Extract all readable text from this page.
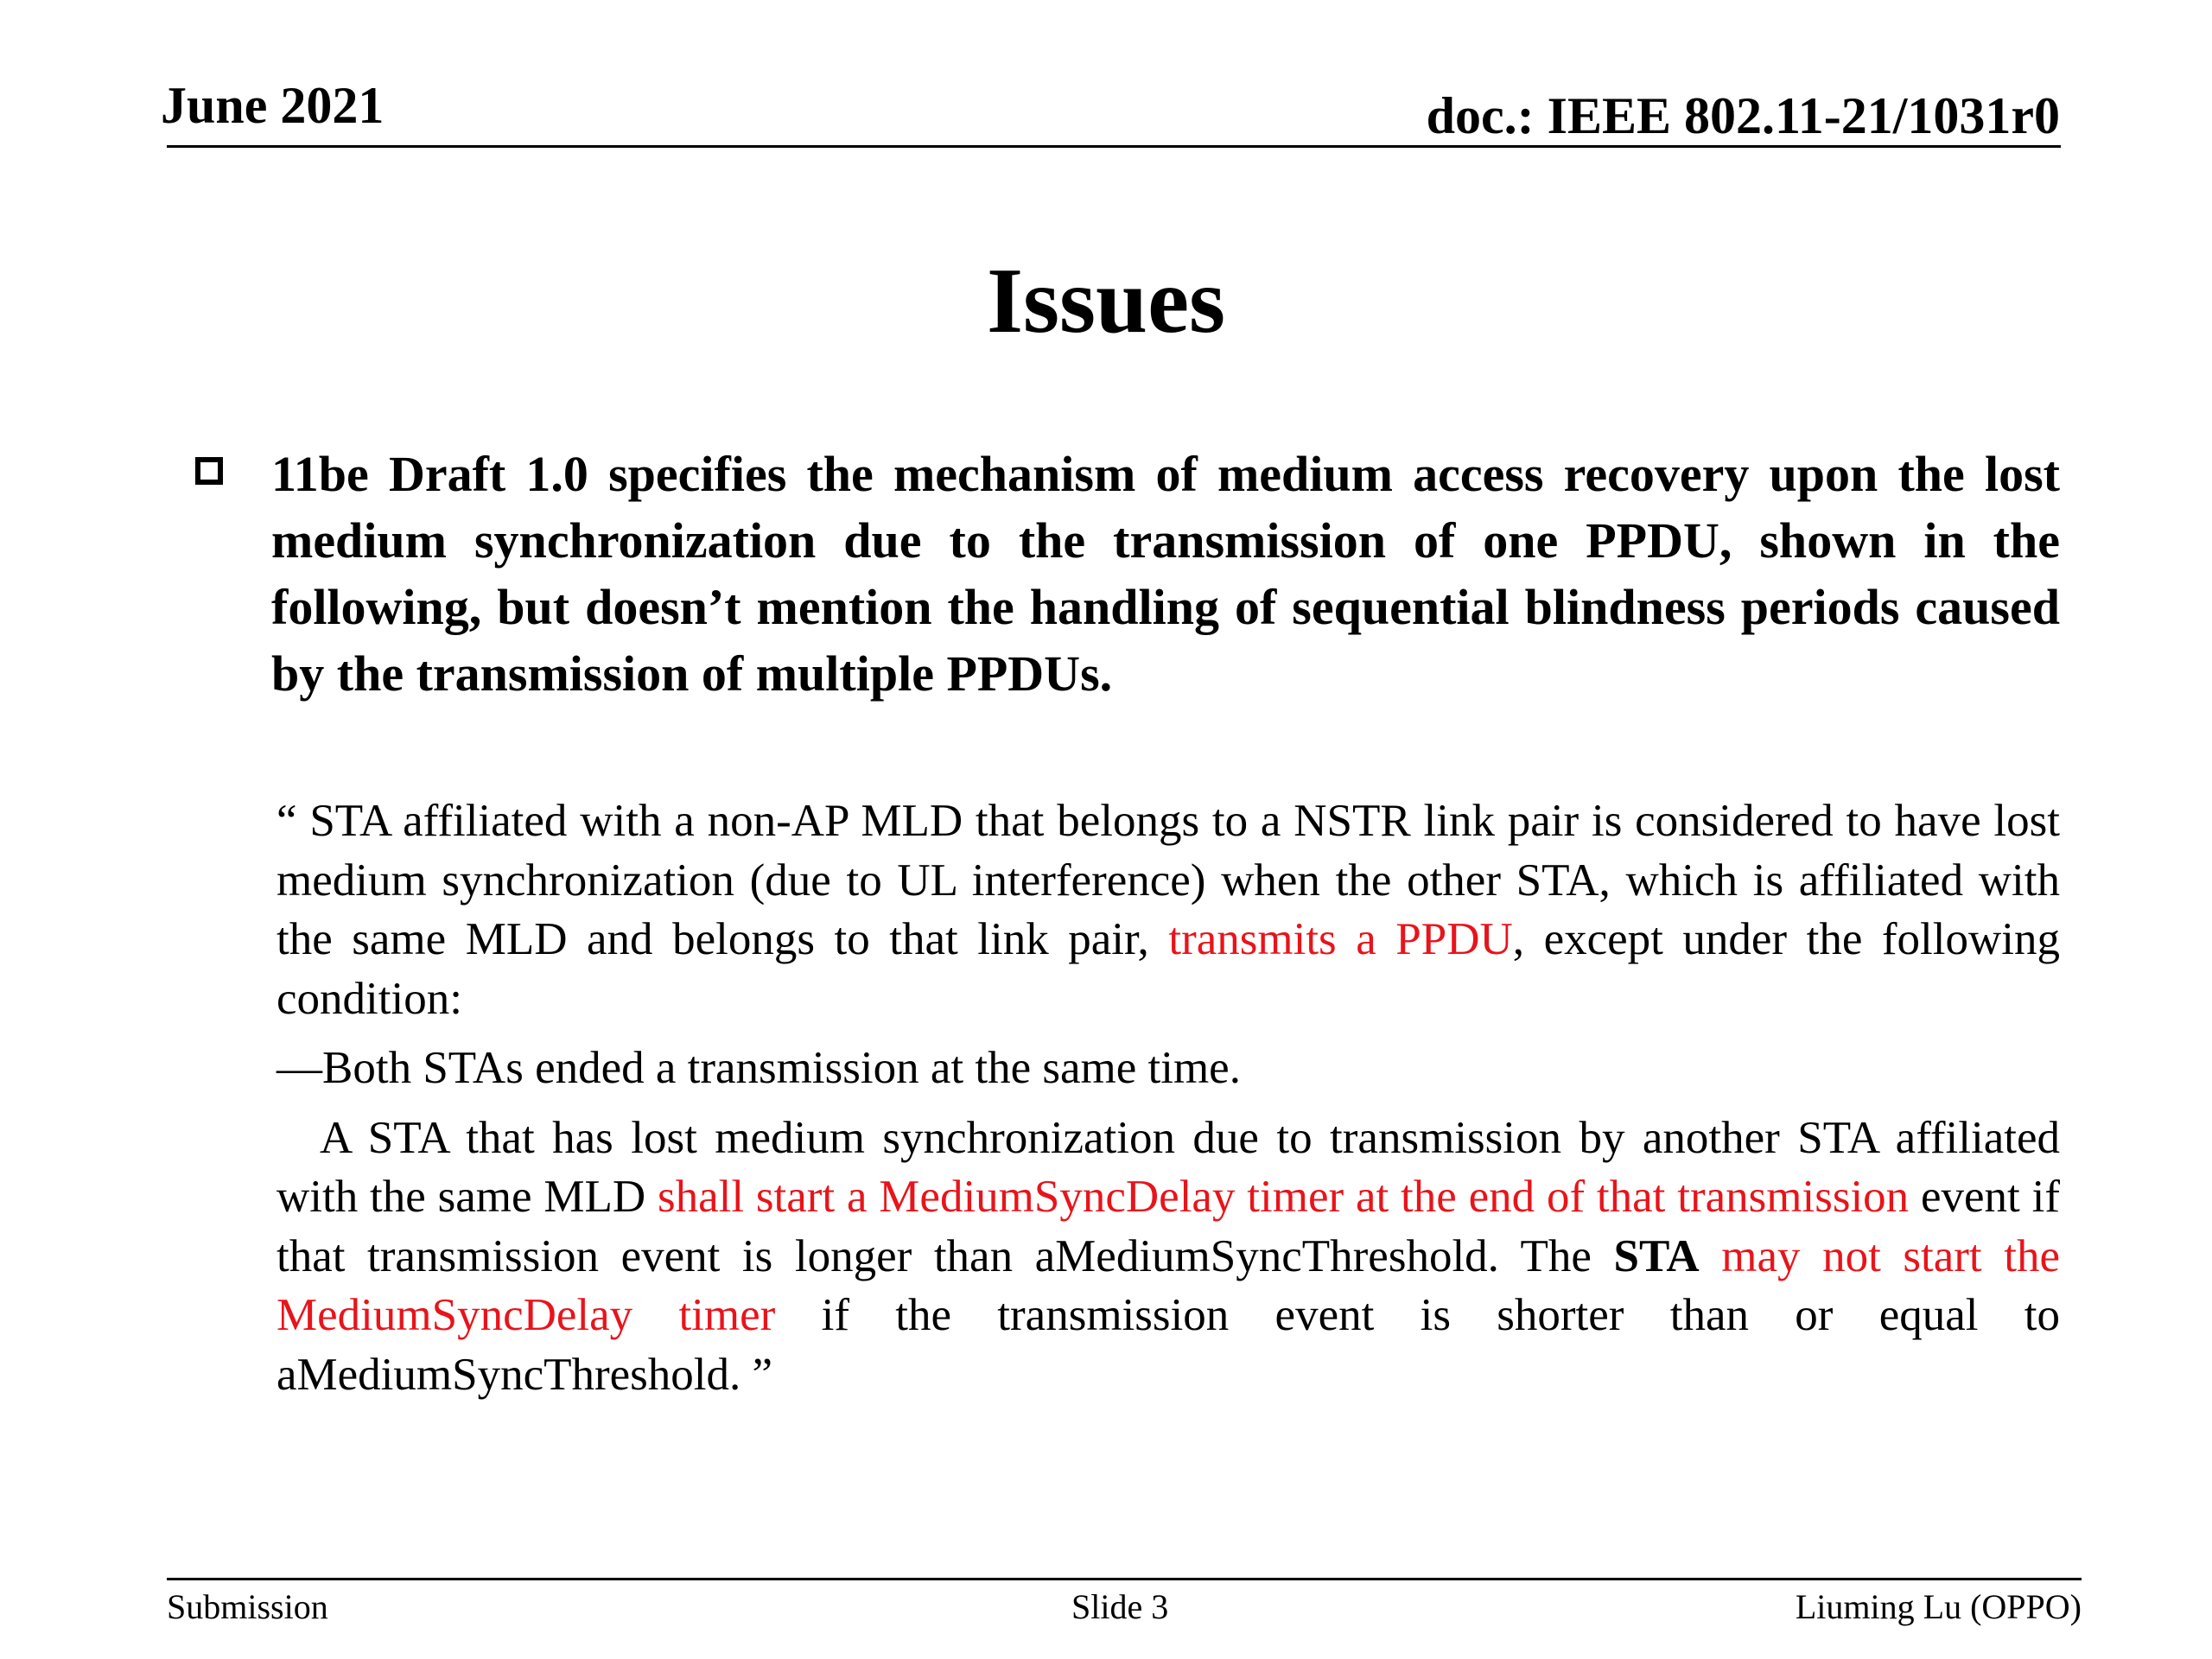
June 2021	doc.: IEEE 802.11-21/1031r0
Issues
11be Draft 1.0 specifies the mechanism of medium access recovery upon the lost medium synchronization due to the transmission of one PPDU, shown in the following, but doesn’t mention the handling of sequential blindness periods caused by the transmission of multiple PPDUs.

“ STA affiliated with a non-AP MLD that belongs to a NSTR link pair is considered to have lost medium synchronization (due to UL interference) when the other STA, which is affiliated with the same MLD and belongs to that link pair, transmits a PPDU, except under the following condition:

—Both STAs ended a transmission at the same time.

A STA that has lost medium synchronization due to transmission by another STA affiliated with the same MLD shall start a MediumSyncDelay timer at the end of that transmission event if that transmission event is longer than aMediumSyncThreshold. The STA may not start the MediumSyncDelay timer if the transmission event is shorter than or equal to aMediumSyncThreshold. ”

Submission	Slide 3	Liuming Lu (OPPO)
